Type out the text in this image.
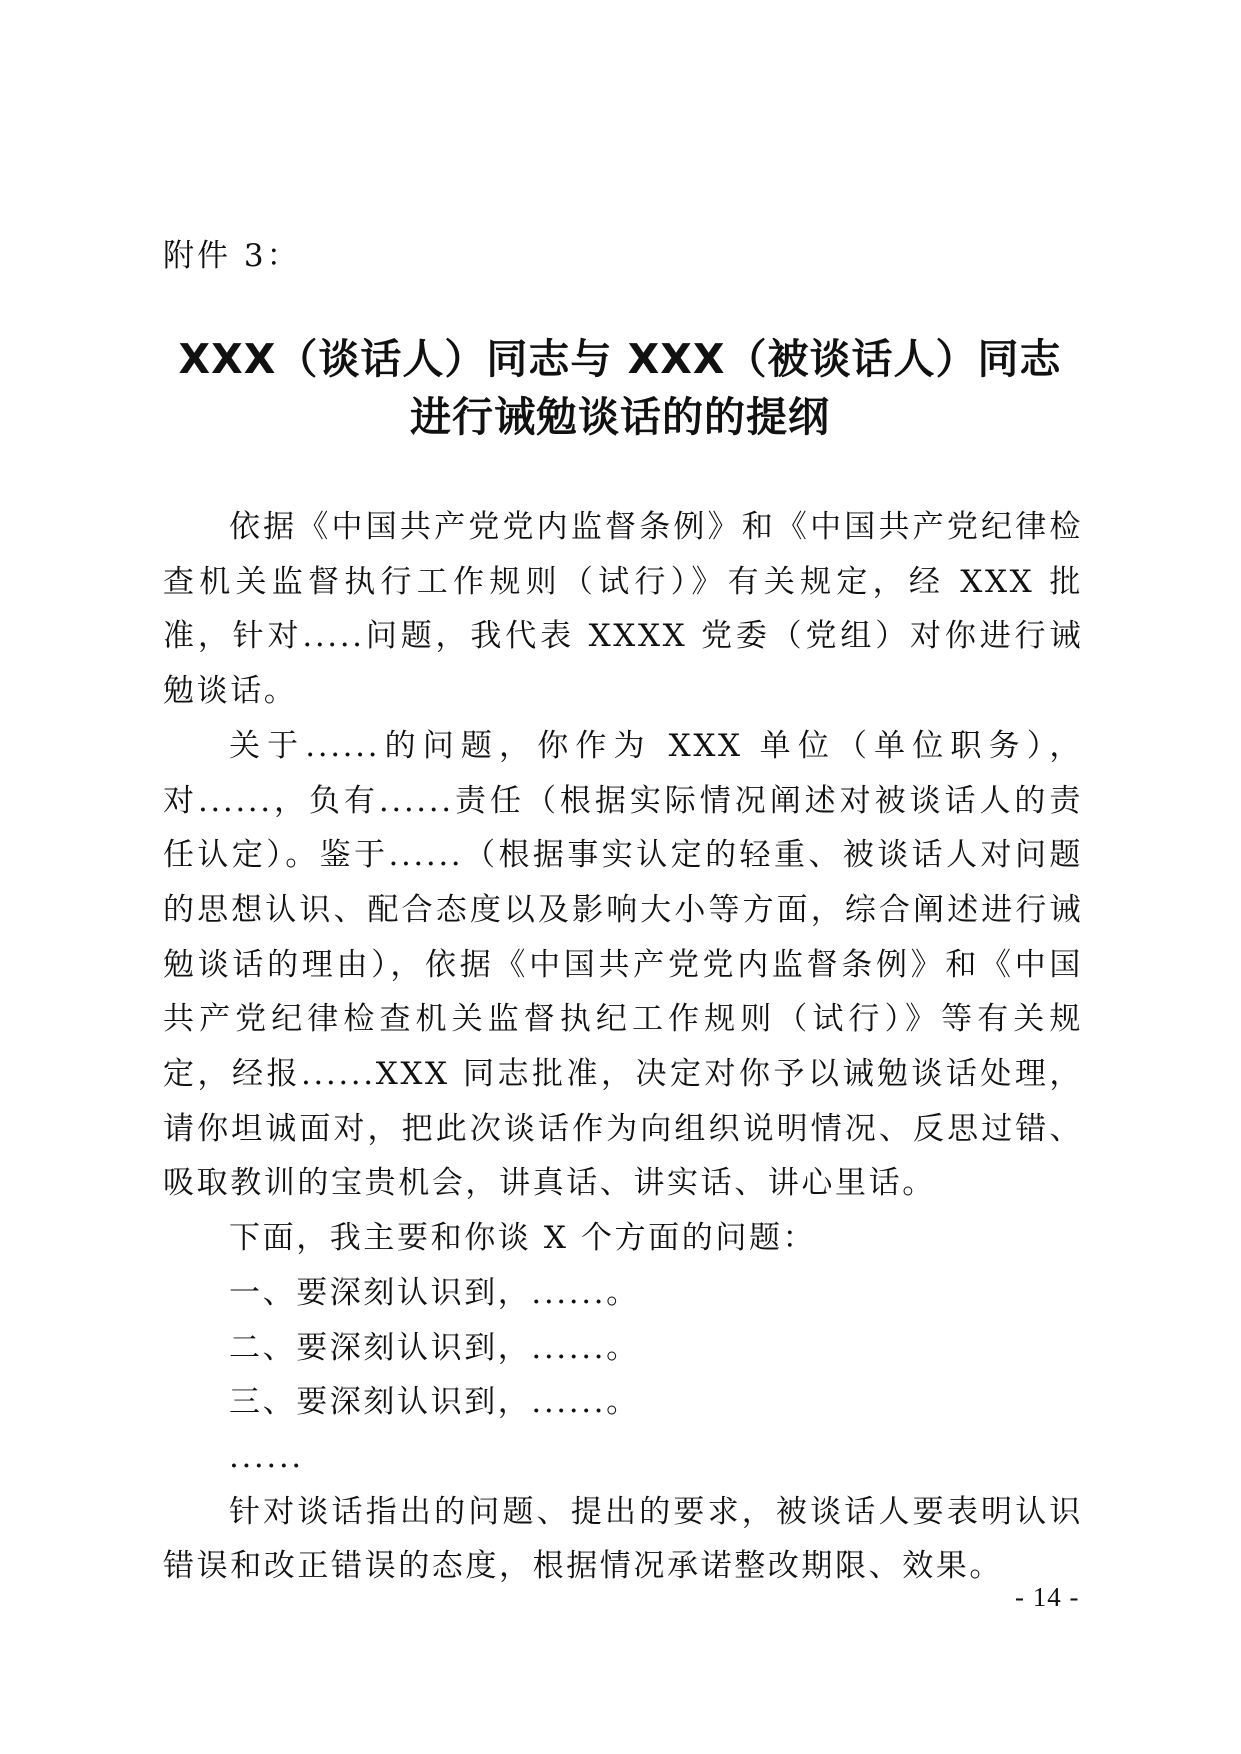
附件 3：
XXX（谈话人）同志与 XXX（被谈话人）同志
进行诫勉谈话的的提纲

依据《中国共产党党内监督条例》和《中国共产党纪律检查机关监督执行工作规则（试行）》有关规定，经 XXX 批准，针对.....问题，我代表 XXXX 党委（党组）对你进行诫勉谈话。

关于......的问题，你作为 XXX 单位（单位职务），对......，负有......责任（根据实际情况阐述对被谈话人的责任认定）。鉴于......（根据事实认定的轻重、被谈话人对问题的思想认识、配合态度以及影响大小等方面，综合阐述进行诫勉谈话的理由），依据《中国共产党党内监督条例》和《中国共产党纪律检查机关监督执纪工作规则（试行）》等有关规定，经报......XXX 同志批准，决定对你予以诫勉谈话处理，请你坦诚面对，把此次谈话作为向组织说明情况、反思过错、吸取教训的宝贵机会，讲真话、讲实话、讲心里话。

下面，我主要和你谈 X 个方面的问题：

一、要深刻认识到，......。

二、要深刻认识到，......。

三、要深刻认识到，......。

......

针对谈话指出的问题、提出的要求，被谈话人要表明认识错误和改正错误的态度，根据情况承诺整改期限、效果。

- 14 -
